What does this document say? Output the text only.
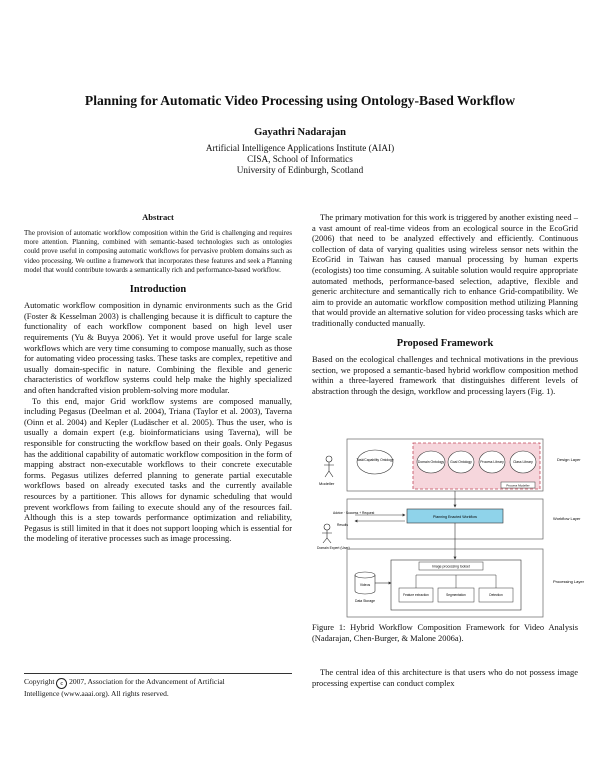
Planning for Automatic Video Processing using Ontology-Based Workflow
Gayathri Nadarajan
Artificial Intelligence Applications Institute (AIAI)
CISA, School of Informatics
University of Edinburgh, Scotland
Abstract

The provision of automatic workflow composition within the Grid is challenging and requires more attention. Planning, combined with semantic-based technologies such as ontologies could prove useful in composing automatic workflows for pervasive problem domains such as video processing. We outline a framework that incorporates these features and seek a Planning model that would contribute towards a semantically rich and performance-based workflow.

Introduction

Automatic workflow composition in dynamic environments such as the Grid (Foster & Kesselman 2003) is challenging because it is difficult to capture the functionality of each workflow component based on high level user requirements (Yu & Buyya 2006). Yet it would prove useful for large scale workflows which are very time consuming to compose manually, such as those for automating video processing tasks. These tasks are complex, repetitive and usually domain-specific in nature. Combining the flexible and generic characteristics of workflow systems could help make the highly specialized and often handcrafted vision problem-solving more modular.

To this end, major Grid workflow systems are composed manually, including Pegasus (Deelman et al. 2004), Triana (Taylor et al. 2003), Taverna (Oinn et al. 2004) and Kepler (Ludäscher et al. 2005). Thus the user, who is usually a domain expert (e.g. bioinformaticians using Taverna), will be responsible for constructing the workflow based on their goals. Only Pegasus has the additional capability of automatic workflow composition in the form of mapping abstract non-executable workflows to their concrete executable forms. Pegasus utilizes deferred planning to generate partial executable workflows based on already executed tasks and the currently available resources by a partitioner. This allows for dynamic scheduling that would prevent workflows from failing to execute should any of the resources fail. Although this is a step towards performance optimization and reliability, Pegasus is still limited in that it does not support looping which is essential for the modeling of iterative processes such as image processing.

Copyright c 2007, Association for the Advancement of Artificial
Intelligence (www.aaai.org). All rights reserved.

The primary motivation for this work is triggered by another existing need – a vast amount of real-time videos from an ecological source in the EcoGrid (2006) that need to be analyzed effectively and efficiently. Continuous collection of data of varying qualities using wireless sensor nets within the EcoGrid in Taiwan has caused manual processing by human experts (ecologists) too time consuming. A suitable solution would require appropriate automated methods, performance-based selection, adaptive, flexible and generic architecture and semantically rich to enhance Grid-compatibility. We aim to provide an automatic workflow composition method utilizing Planning that would provide an alternative solution for video processing tasks which are traditionally conducted manually.

Proposed Framework

Based on the ecological challenges and technical motivations in the previous section, we proposed a semantic-based hybrid workflow composition method within a three-layered framework that distinguishes different levels of abstraction through the design, workflow and processing layers (Fig. 1).

Design Layer
Modeller
Task/Capability Ontology	Domain Ontology Goal Ontology Process Library	Class Library
Process Modeller
Workflow Layer
Planning Enacted Workflow
Advice · Success + Request
Results
Domain Expert (User)
Processing Layer
Image processing toolset
Feature extraction	Segmentation	Detection
Videos
Data Storage
Figure 1: Hybrid Workflow Composition Framework for Video Analysis (Nadarajan, Chen-Burger, & Malone 2006a).
The central idea of this architecture is that users who do not possess image processing expertise can conduct complex
